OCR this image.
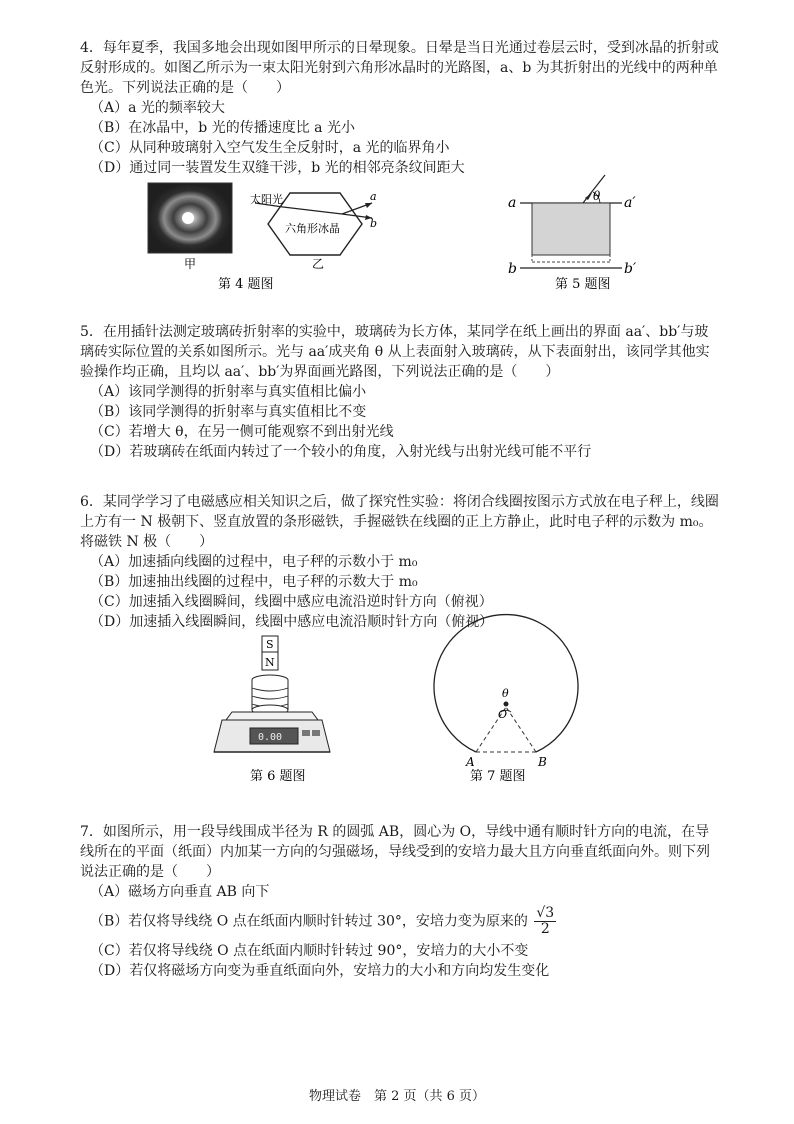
4．每年夏季，我国多地会出现如图甲所示的日晕现象。日晕是当日光通过卷层云时，受到冰晶的折射或反射形成的。如图乙所示为一束太阳光射到六角形冰晶时的光路图，a、b 为其折射出的光线中的两种单色光。下列说法正确的是（　　）

（A）a 光的频率较大

（B）在冰晶中，b 光的传播速度比 a 光小

（C）从同种玻璃射入空气发生全反射时，a 光的临界角小

（D）通过同一装置发生双缝干涉，b 光的相邻亮条纹间距大

太阳光
六角形冰晶
a
b
甲	乙
第 4 题图
a	a′
b	b′
θ
第 5 题图
S
N
0.00
第 6 题图
θ
O
A	B
第 7 题图

5．在用插针法测定玻璃砖折射率的实验中，玻璃砖为长方体，某同学在纸上画出的界面 aa′、bb′与玻璃砖实际位置的关系如图所示。光与 aa′成夹角 θ 从上表面射入玻璃砖，从下表面射出，该同学其他实验操作均正确，且均以 aa′、bb′为界面画光路图，下列说法正确的是（　　）

（A）该同学测得的折射率与真实值相比偏小

（B）该同学测得的折射率与真实值相比不变

（C）若增大 θ，在另一侧可能观察不到出射光线

（D）若玻璃砖在纸面内转过了一个较小的角度，入射光线与出射光线可能不平行

6．某同学学习了电磁感应相关知识之后，做了探究性实验：将闭合线圈按图示方式放在电子秤上，线圈上方有一 N 极朝下、竖直放置的条形磁铁，手握磁铁在线圈的正上方静止，此时电子秤的示数为 m₀。将磁铁 N 极（　　）

（A）加速插向线圈的过程中，电子秤的示数小于 m₀

（B）加速抽出线圈的过程中，电子秤的示数大于 m₀

（C）加速插入线圈瞬间，线圈中感应电流沿逆时针方向（俯视）

（D）加速插入线圈瞬间，线圈中感应电流沿顺时针方向（俯视）

7．如图所示，用一段导线围成半径为 R 的圆弧 AB，圆心为 O，导线中通有顺时针方向的电流，在导线所在的平面（纸面）内加某一方向的匀强磁场，导线受到的安培力最大且方向垂直纸面向外。则下列说法正确的是（　　）

（A）磁场方向垂直 AB 向下

（B）若仅将导线绕 O 点在纸面内顺时针转过 30°，安培力变为原来的 $\frac{√3}{2}$

（C）若仅将导线绕 O 点在纸面内顺时针转过 90°，安培力的大小不变

（D）若仅将磁场方向变为垂直纸面向外，安培力的大小和方向均发生变化

物理试卷　第 2 页（共 6 页）
